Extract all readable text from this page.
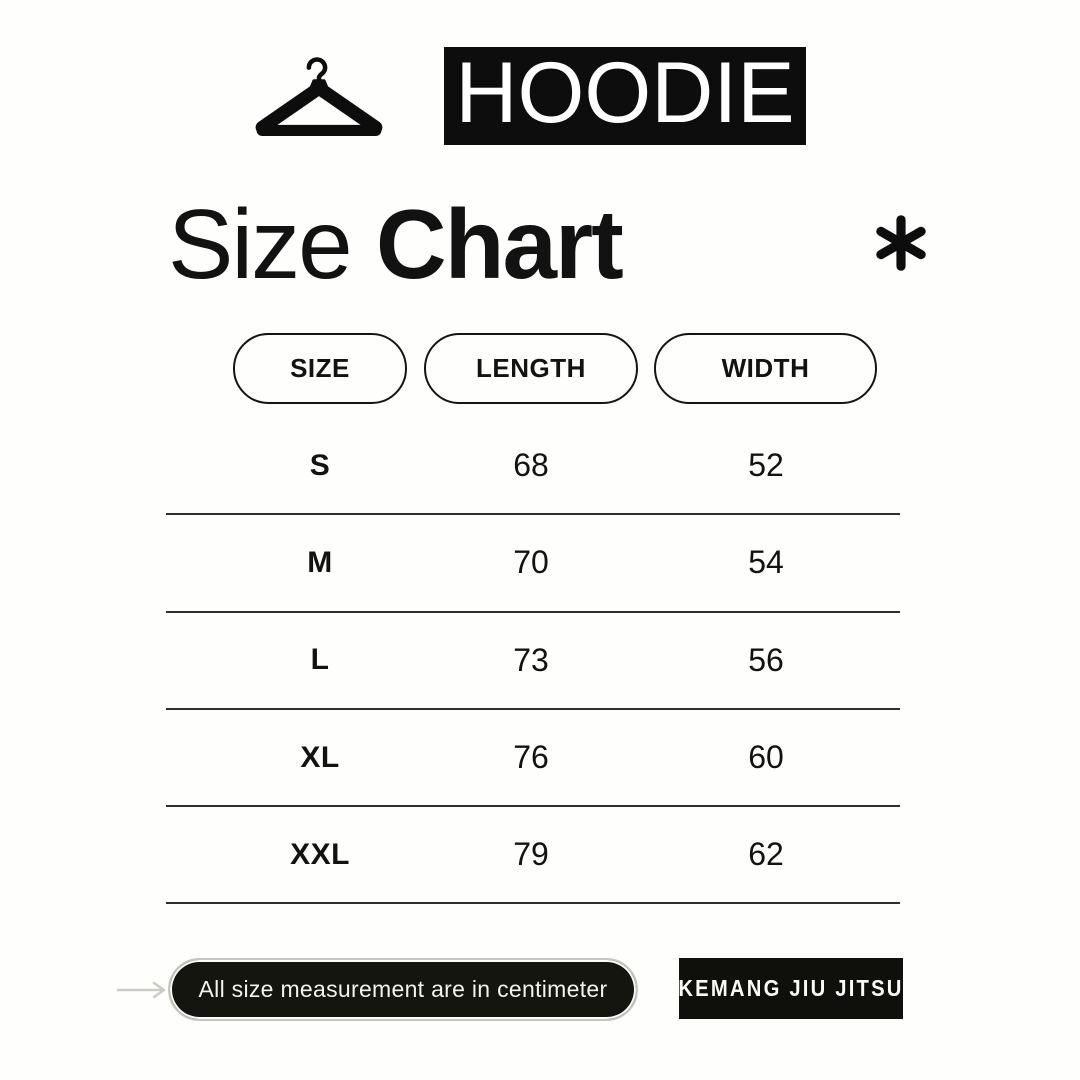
HOODIE
Size Chart
SIZE	LENGTH	WIDTH
S	68	52
M	70	54
L	73	56
XL	76	60
XXL	79	62
All size measurement are in centimeter	KEMANG JIU JITSU
